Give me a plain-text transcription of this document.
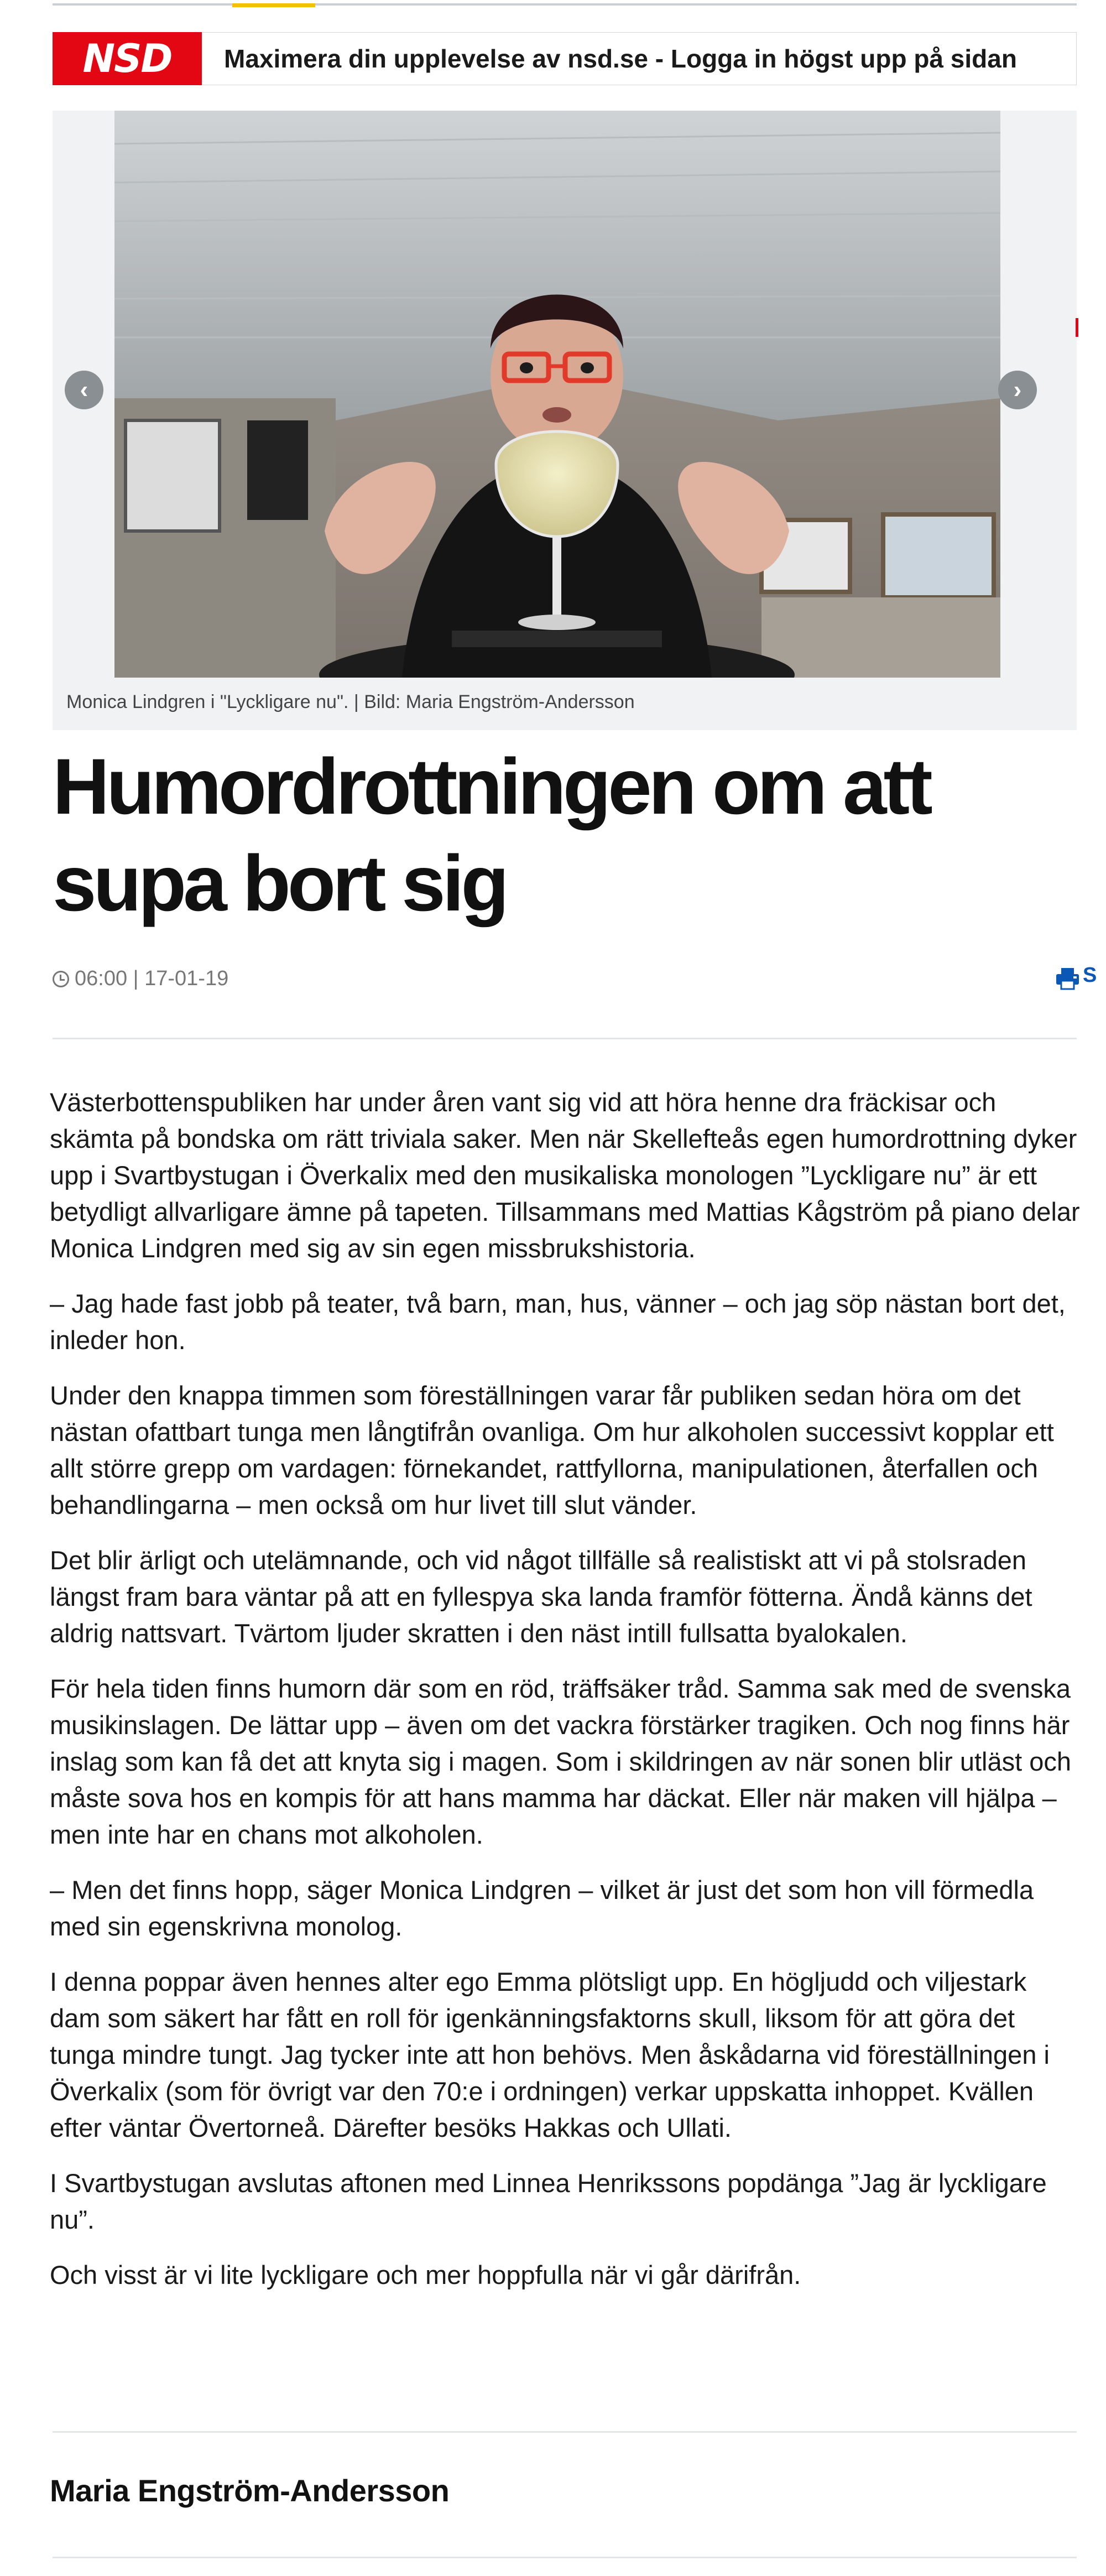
NSD	Maximera din upplevelse av nsd.se - Logga in högst upp på sidan
‹	›
Monica Lindgren i "Lyckligare nu". | Bild: Maria Engström-Andersson
Humordrottningen om att supa bort sig
06:00 | 17-01-19	S

Västerbottenspubliken har under åren vant sig vid att höra henne dra fräckisar och skämta på bondska om rätt triviala saker. Men när Skellefteås egen humordrottning dyker upp i Svartbystugan i Överkalix med den musikaliska monologen ”Lyckligare nu” är ett betydligt allvarligare ämne på tapeten. Tillsammans med Mattias Kågström på piano delar Monica Lindgren med sig av sin egen missbrukshistoria.

– Jag hade fast jobb på teater, två barn, man, hus, vänner – och jag söp nästan bort det, inleder hon.

Under den knappa timmen som föreställningen varar får publiken sedan höra om det nästan ofattbart tunga men långtifrån ovanliga. Om hur alkoholen successivt kopplar ett allt större grepp om vardagen: förnekandet, rattfyllorna, manipulationen, återfallen och behandlingarna – men också om hur livet till slut vänder.

Det blir ärligt och utelämnande, och vid något tillfälle så realistiskt att vi på stolsraden längst fram bara väntar på att en fyllespya ska landa framför fötterna. Ändå känns det aldrig nattsvart. Tvärtom ljuder skratten i den näst intill fullsatta byalokalen.

För hela tiden finns humorn där som en röd, träffsäker tråd. Samma sak med de svenska musikinslagen. De lättar upp – även om det vackra förstärker tragiken. Och nog finns här inslag som kan få det att knyta sig i magen. Som i skildringen av när sonen blir utläst och måste sova hos en kompis för att hans mamma har däckat. Eller när maken vill hjälpa – men inte har en chans mot alkoholen.

– Men det finns hopp, säger Monica Lindgren – vilket är just det som hon vill förmedla med sin egenskrivna monolog.

I denna poppar även hennes alter ego Emma plötsligt upp. En högljudd och viljestark dam som säkert har fått en roll för igenkänningsfaktorns skull, liksom för att göra det tunga mindre tungt. Jag tycker inte att hon behövs. Men åskådarna vid föreställningen i Överkalix (som för övrigt var den 70:e i ordningen) verkar uppskatta inhoppet. Kvällen efter väntar Övertorneå. Därefter besöks Hakkas och Ullati.

I Svartbystugan avslutas aftonen med Linnea Henrikssons popdänga ”Jag är lyckligare nu”.

Och visst är vi lite lyckligare och mer hoppfulla när vi går därifrån.

Maria Engström-Andersson
